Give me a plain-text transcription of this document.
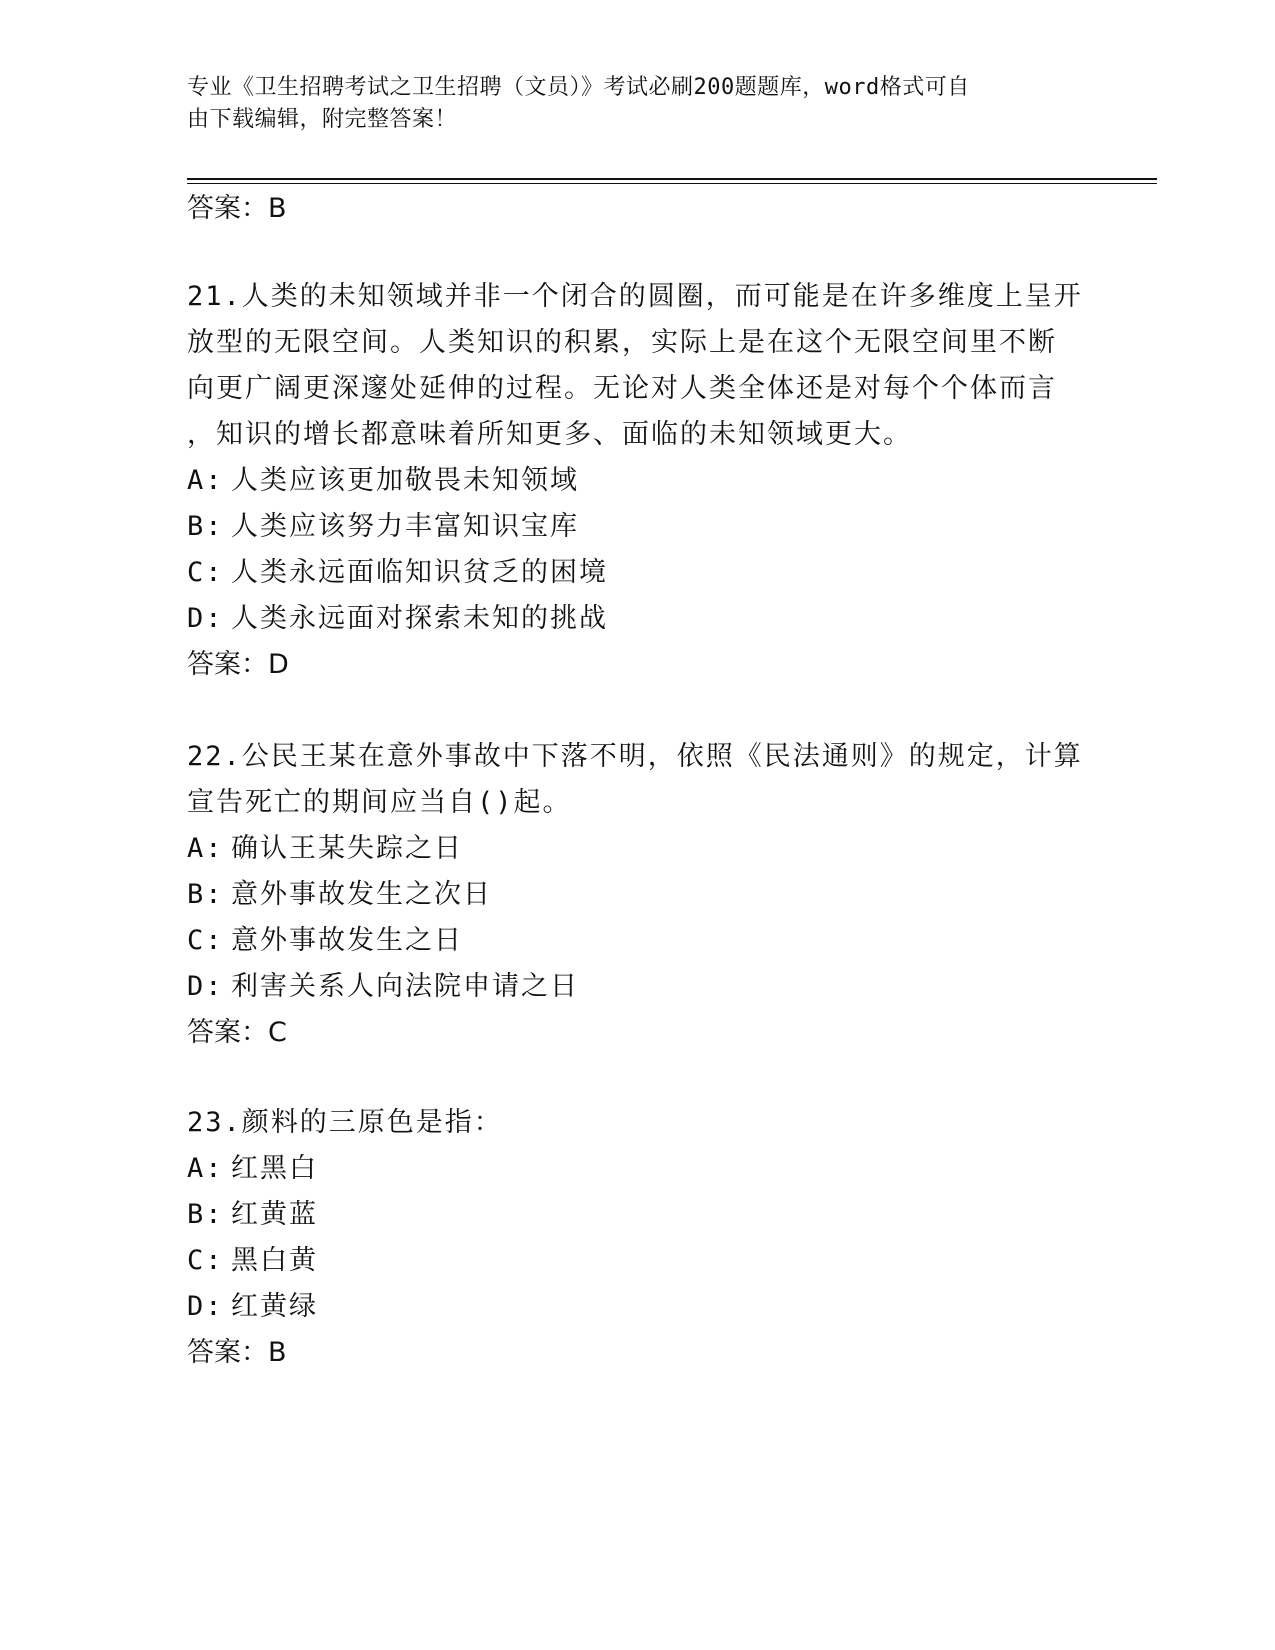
专业《卫生招聘考试之卫生招聘（文员）》考试必刷200题题库，word格式可自
由下载编辑，附完整答案！

答案：B

21.人类的未知领域并非一个闭合的圆圈，而可能是在许多维度上呈开

放型的无限空间。人类知识的积累，实际上是在这个无限空间里不断

向更广阔更深邃处延伸的过程。无论对人类全体还是对每个个体而言

，知识的增长都意味着所知更多、面临的未知领域更大。

A: 人类应该更加敬畏未知领域

B: 人类应该努力丰富知识宝库

C: 人类永远面临知识贫乏的困境

D: 人类永远面对探索未知的挑战

答案：D

22.公民王某在意外事故中下落不明，依照《民法通则》的规定，计算

宣告死亡的期间应当自()起。

A: 确认王某失踪之日

B: 意外事故发生之次日

C: 意外事故发生之日

D: 利害关系人向法院申请之日

答案：C

23.颜料的三原色是指：

A: 红黑白

B: 红黄蓝

C: 黑白黄

D: 红黄绿

答案：B
